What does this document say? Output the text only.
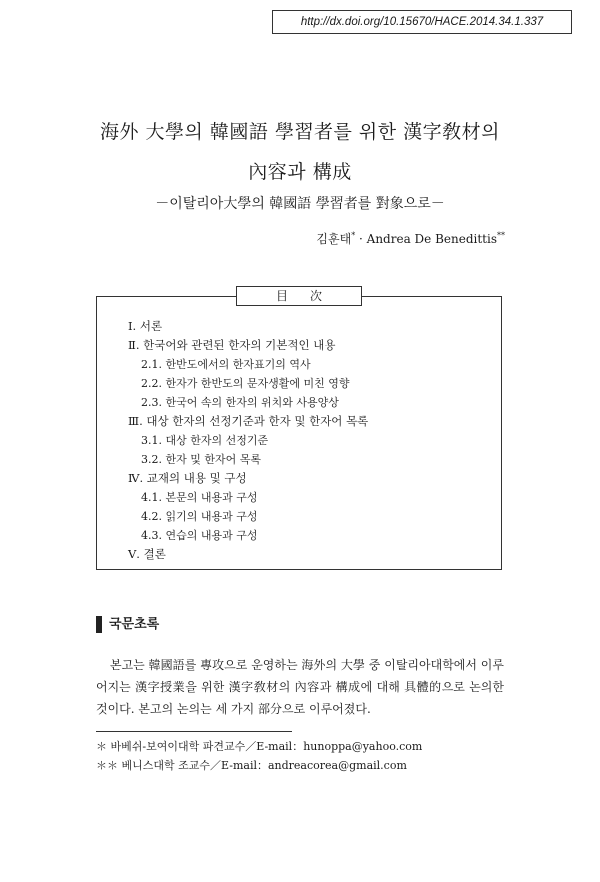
http://dx.doi.org/10.15670/HACE.2014.34.1.337
海外 大學의 韓國語 學習者를 위한 漢字敎材의
內容과 構成
－이탈리아大學의 韓國語 學習者를 對象으로－
김훈태* · Andrea De Benedittis**
目次
Ⅰ. 서론
Ⅱ. 한국어와 관련된 한자의 기본적인 내용
2.1. 한반도에서의 한자표기의 역사
2.2. 한자가 한반도의 문자생활에 미친 영향
2.3. 한국어 속의 한자의 위치와 사용양상
Ⅲ. 대상 한자의 선정기준과 한자 및 한자어 목록
3.1. 대상 한자의 선정기준
3.2. 한자 및 한자어 목록
Ⅳ. 교재의 내용 및 구성
4.1. 본문의 내용과 구성
4.2. 읽기의 내용과 구성
4.3. 연습의 내용과 구성
Ⅴ. 결론
국문초록

본고는 韓國語를 專攻으로 운영하는 海外의 大學 중 이탈리아대학에서 이루어지는 漢字授業을 위한 漢字敎材의 內容과 構成에 대해 具體的으로 논의한 것이다. 본고의 논의는 세 가지 部分으로 이루어졌다.

＊ 바베쉬-보여이대학 파견교수／E-mail：hunoppa@yahoo.com
＊＊ 베니스대학 조교수／E-mail：andreacorea@gmail.com
